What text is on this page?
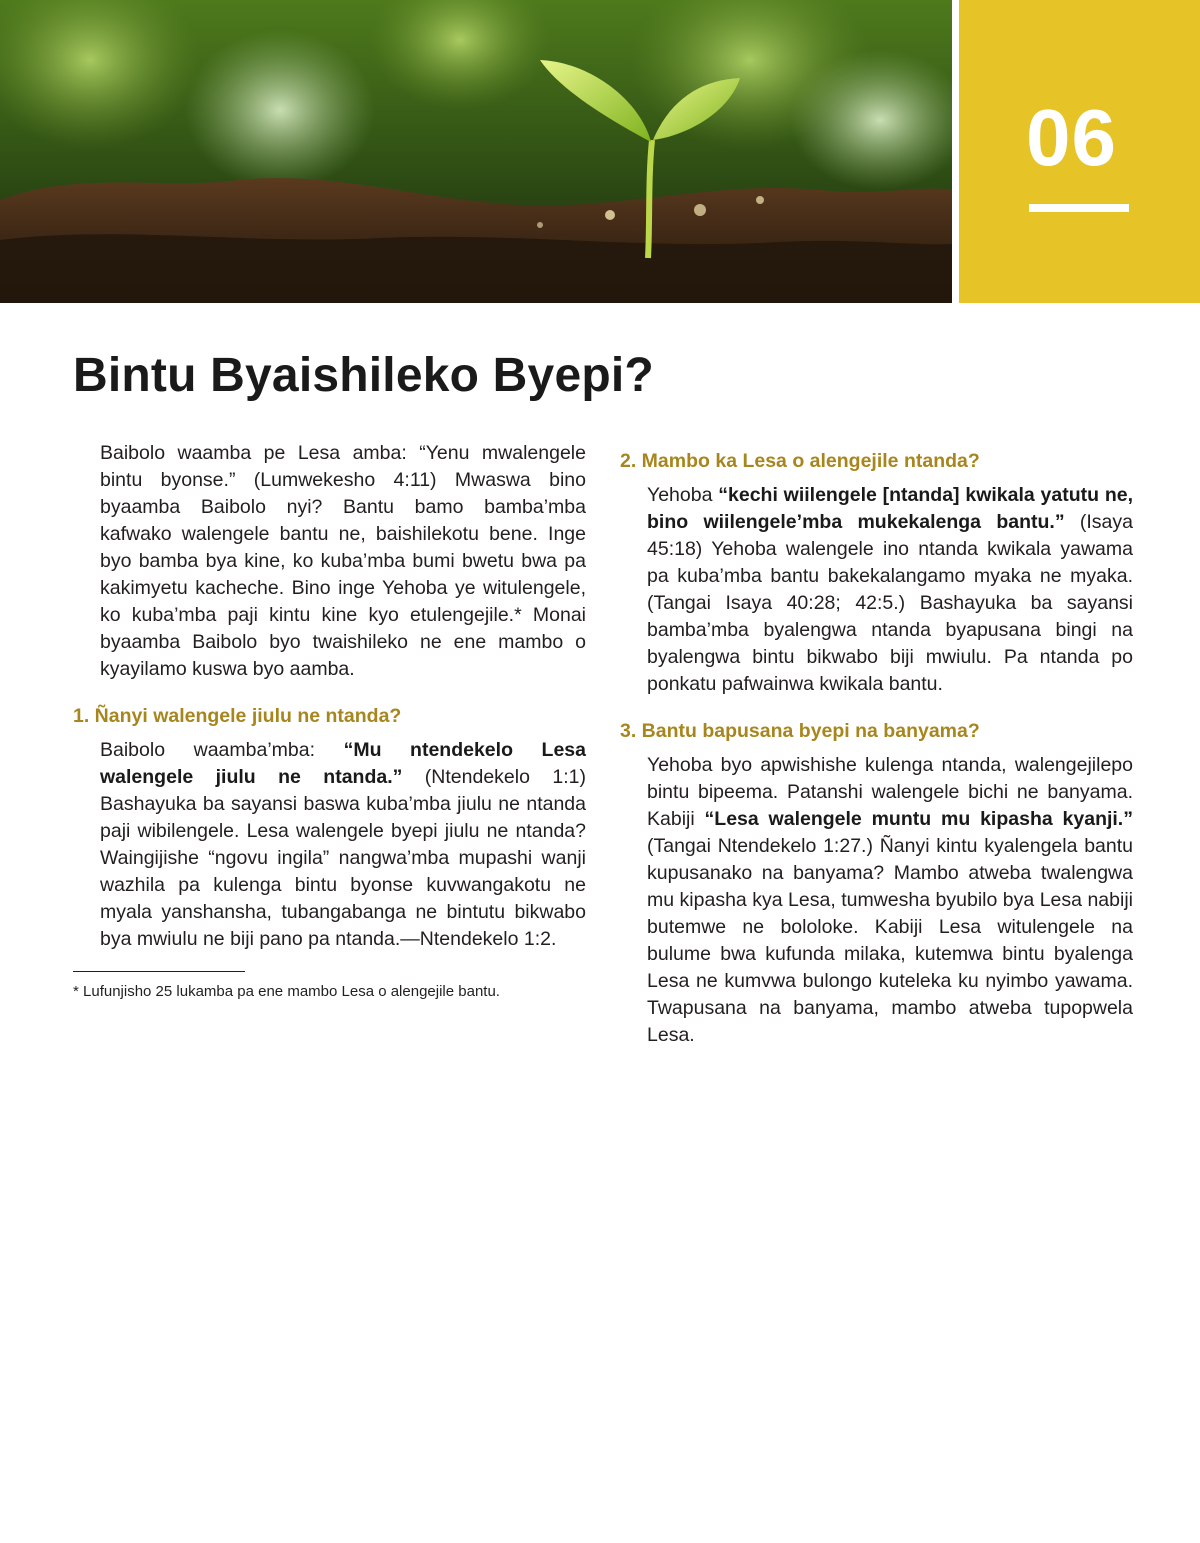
06
Bintu Byaishileko Byepi?

Baibolo waamba pe Lesa amba: “Yenu mwalengele bintu byonse.” (Lumwekesho 4:11) Mwaswa bino byaamba Baibolo nyi? Bantu bamo bamba’mba kafwako walengele bantu ne, baishilekotu bene. Inge byo bamba bya kine, ko kuba’mba bumi bwetu bwa pa kakimyetu kacheche. Bino inge Yehoba ye witulengele, ko kuba’mba paji kintu kine kyo etulengejile.* Monai byaamba Baibolo byo twaishileko ne ene mambo o kyayilamo kuswa byo aamba.

1. Ñanyi walengele jiulu ne ntanda?

Baibolo waamba’mba: “Mu ntendekelo Lesa walengele jiulu ne ntanda.” (Ntendekelo 1:1) Bashayuka ba sayansi baswa kuba’mba jiulu ne ntanda paji wibilengele. Lesa walengele byepi jiulu ne ntanda? Waingijishe “ngovu ingila” nangwa’mba mupashi wanji wazhila pa kulenga bintu byonse kuvwangakotu ne myala yanshansha, tubangabanga ne bintutu bikwabo bya mwiulu ne biji pano pa ntanda.—Ntendekelo 1:2.

* Lufunjisho 25 lukamba pa ene mambo Lesa o alengejile bantu.

2. Mambo ka Lesa o alengejile ntanda?

Yehoba “kechi wiilengele [ntanda] kwikala yatutu ne, bino wiilengele’mba mukekalenga bantu.” (Isaya 45:18) Yehoba walengele ino ntanda kwikala yawama pa kuba’mba bantu bakekalangamo myaka ne myaka. (Tangai Isaya 40:28; 42:5.) Bashayuka ba sayansi bamba’mba byalengwa ntanda byapusana bingi na byalengwa bintu bikwabo biji mwiulu. Pa ntanda po ponkatu pafwainwa kwikala bantu.

3. Bantu bapusana byepi na banyama?

Yehoba byo apwishishe kulenga ntanda, walengejilepo bintu bipeema. Patanshi walengele bichi ne banyama. Kabiji “Lesa walengele muntu mu kipasha kyanji.” (Tangai Ntendekelo 1:27.) Ñanyi kintu kyalengela bantu kupusanako na banyama? Mambo atweba twalengwa mu kipasha kya Lesa, tumwesha byubilo bya Lesa nabiji butemwe ne bololoke. Kabiji Lesa witulengele na bulume bwa kufunda milaka, kutemwa bintu byalenga Lesa ne kumvwa bulongo kuteleka ku nyimbo yawama. Twapusana na banyama, mambo atweba tupopwela Lesa.
